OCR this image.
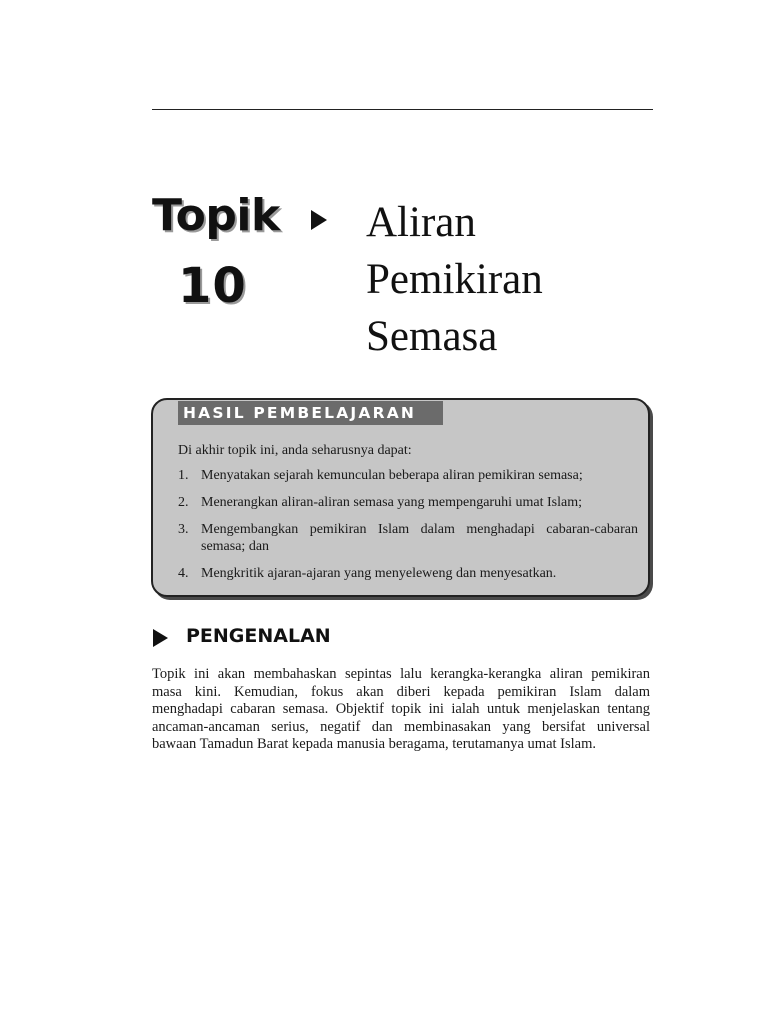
Topik
10
Aliran
Pemikiran
Semasa
HASIL PEMBELAJARAN
Di akhir topik ini, anda seharusnya dapat:
1. Menyatakan sejarah kemunculan beberapa aliran pemikiran semasa;
2. Menerangkan aliran-aliran semasa yang mempengaruhi umat Islam;
3. Mengembangkan pemikiran Islam dalam menghadapi cabaran-cabaran semasa; dan
4. Mengkritik ajaran-ajaran yang menyeleweng dan menyesatkan.
PENGENALAN
Topik ini akan membahaskan sepintas lalu kerangka-kerangka aliran pemikiran
masa kini. Kemudian, fokus akan diberi kepada pemikiran Islam dalam
menghadapi cabaran semasa. Objektif topik ini ialah untuk menjelaskan tentang
ancaman-ancaman serius, negatif dan membinasakan yang bersifat universal
bawaan Tamadun Barat kepada manusia beragama, terutamanya umat Islam.
